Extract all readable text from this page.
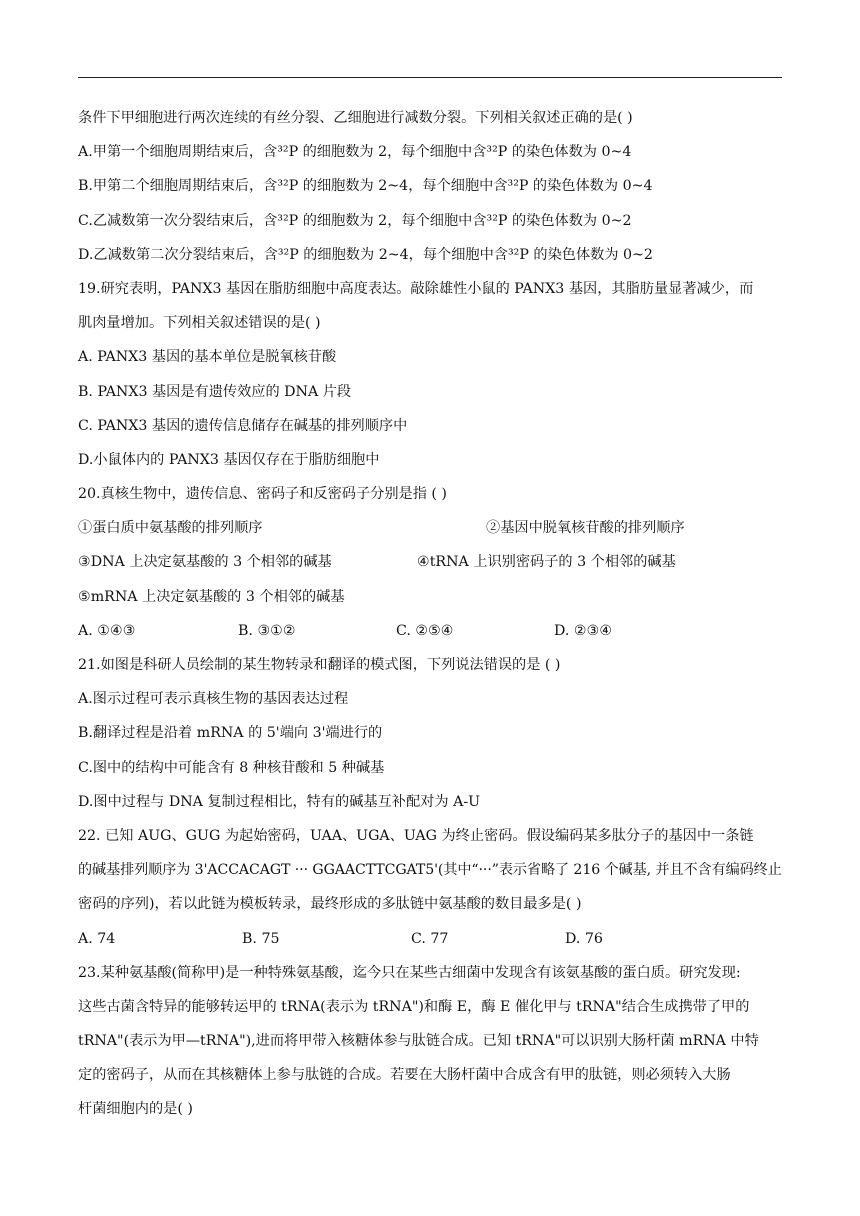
条件下甲细胞进行两次连续的有丝分裂、乙细胞进行减数分裂。下列相关叙述正确的是( )
A.甲第一个细胞周期结束后，含³²P 的细胞数为 2，每个细胞中含³²P 的染色体数为 0~4
B.甲第二个细胞周期结束后，含³²P 的细胞数为 2~4，每个细胞中含³²P 的染色体数为 0~4
C.乙减数第一次分裂结束后，含³²P 的细胞数为 2，每个细胞中含³²P 的染色体数为 0~2
D.乙减数第二次分裂结束后，含³²P 的细胞数为 2~4，每个细胞中含³²P 的染色体数为 0~2
19.研究表明，PANX3 基因在脂肪细胞中高度表达。敲除雄性小鼠的 PANX3 基因，其脂肪量显著减少，而
肌肉量增加。下列相关叙述错误的是( )
A. PANX3 基因的基本单位是脱氧核苷酸
B. PANX3 基因是有遗传效应的 DNA 片段
C. PANX3 基因的遗传信息储存在碱基的排列顺序中
D.小鼠体内的 PANX3 基因仅存在于脂肪细胞中
20.真核生物中，遗传信息、密码子和反密码子分别是指 ( )
①蛋白质中氨基酸的排列顺序	②基因中脱氧核苷酸的排列顺序
③DNA 上决定氨基酸的 3 个相邻的碱基	④tRNA 上识别密码子的 3 个相邻的碱基
⑤mRNA 上决定氨基酸的 3 个相邻的碱基
A. ①④③	B. ③①②	C. ②⑤④	D. ②③④
21.如图是科研人员绘制的某生物转录和翻译的模式图，下列说法错误的是 ( )
A.图示过程可表示真核生物的基因表达过程
B.翻译过程是沿着 mRNA 的 5'端向 3'端进行的
C.图中的结构中可能含有 8 种核苷酸和 5 种碱基
D.图中过程与 DNA 复制过程相比，特有的碱基互补配对为 A-U
22. 已知 AUG、GUG 为起始密码，UAA、UGA、UAG 为终止密码。假设编码某多肽分子的基因中一条链
的碱基排列顺序为 3'ACCACAGT ··· GGAACTTCGAT5'(其中“···”表示省略了 216 个碱基, 并且不含有编码终止
密码的序列)，若以此链为模板转录，最终形成的多肽链中氨基酸的数目最多是( )
A. 74	B. 75	C. 77	D. 76
23.某种氨基酸(简称甲)是一种特殊氨基酸，迄今只在某些古细菌中发现含有该氨基酸的蛋白质。研究发现:
这些古菌含特异的能够转运甲的 tRNA(表示为 tRNA")和酶 E，酶 E 催化甲与 tRNA"结合生成携带了甲的
tRNA"(表示为甲—tRNA"),进而将甲带入核糖体参与肽链合成。已知 tRNA"可以识别大肠杆菌 mRNA 中特
定的密码子，从而在其核糖体上参与肽链的合成。若要在大肠杆菌中合成含有甲的肽链，则必须转入大肠
杆菌细胞内的是( )
